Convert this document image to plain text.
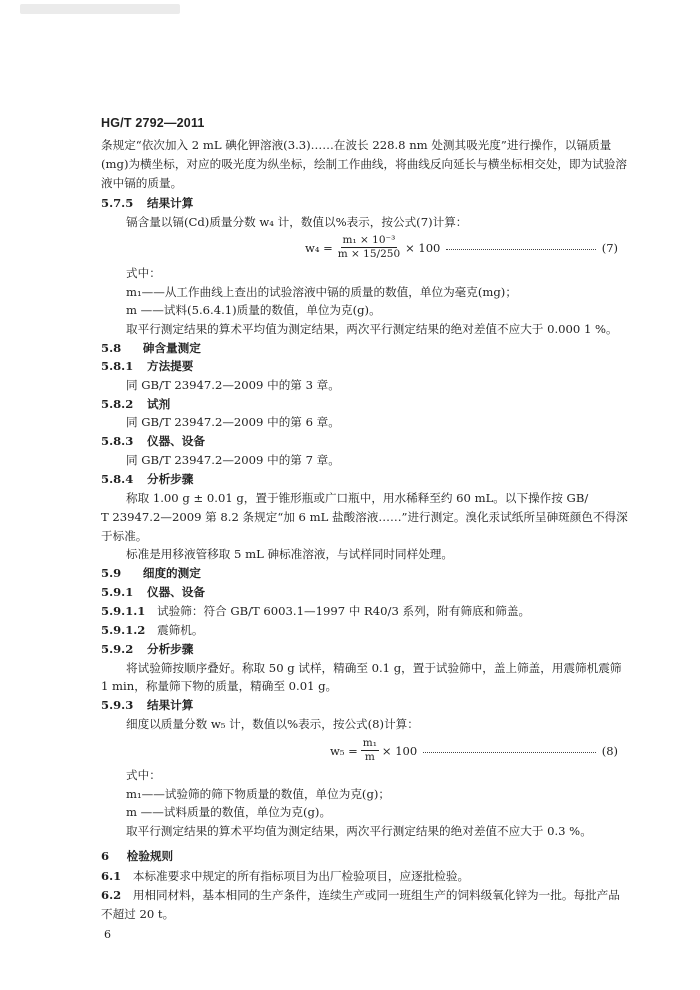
HG/T 2792—2011
条规定“依次加入 2 mL 碘化钾溶液(3.3)……在波长 228.8 nm 处测其吸光度”进行操作，以镉质量
(mg)为横坐标，对应的吸光度为纵坐标，绘制工作曲线，将曲线反向延长与横坐标相交处，即为试验溶
液中镉的质量。
5.7.5 结果计算
镉含量以镉(Cd)质量分数 w₄ 计，数值以%表示，按公式(7)计算：
$w_4 = \frac{\text{m₁ × 10⁻³}}{m \times 15/250} \times 100$	(7)
式中：
m₁——从工作曲线上查出的试验溶液中镉的质量的数值，单位为毫克(mg)；
m ——试料(5.6.4.1)质量的数值，单位为克(g)。
取平行测定结果的算术平均值为测定结果，两次平行测定结果的绝对差值不应大于 0.000 1 %。
5.8 砷含量测定
5.8.1 方法提要
同 GB/T 23947.2—2009 中的第 3 章。
5.8.2 试剂
同 GB/T 23947.2—2009 中的第 6 章。
5.8.3 仪器、设备
同 GB/T 23947.2—2009 中的第 7 章。
5.8.4 分析步骤
称取 1.00 g ± 0.01 g，置于锥形瓶或广口瓶中，用水稀释至约 60 mL。以下操作按 GB/
T 23947.2—2009 第 8.2 条规定“加 6 mL 盐酸溶液……”进行测定。溴化汞试纸所呈砷斑颜色不得深
于标准。
标准是用移液管移取 5 mL 砷标准溶液，与试样同时同样处理。
5.9 细度的测定
5.9.1 仪器、设备
5.9.1.1 试验筛：符合 GB/T 6003.1—1997 中 R40/3 系列，附有筛底和筛盖。
5.9.1.2 震筛机。
5.9.2 分析步骤
将试验筛按顺序叠好。称取 50 g 试样，精确至 0.1 g，置于试验筛中，盖上筛盖，用震筛机震筛
1 min，称量筛下物的质量，精确至 0.01 g。
5.9.3 结果计算
细度以质量分数 w₅ 计，数值以%表示，按公式(8)计算：
$w_5 = \frac{\text{m₁}}{m} \times 100$	(8)
式中：
m₁——试验筛的筛下物质量的数值，单位为克(g)；
m ——试料质量的数值，单位为克(g)。
取平行测定结果的算术平均值为测定结果，两次平行测定结果的绝对差值不应大于 0.3 %。
6 检验规则
6.1 本标准要求中规定的所有指标项目为出厂检验项目，应逐批检验。
6.2 用相同材料，基本相同的生产条件，连续生产或同一班组生产的饲料级氧化锌为一批。每批产品
不超过 20 t。
6
